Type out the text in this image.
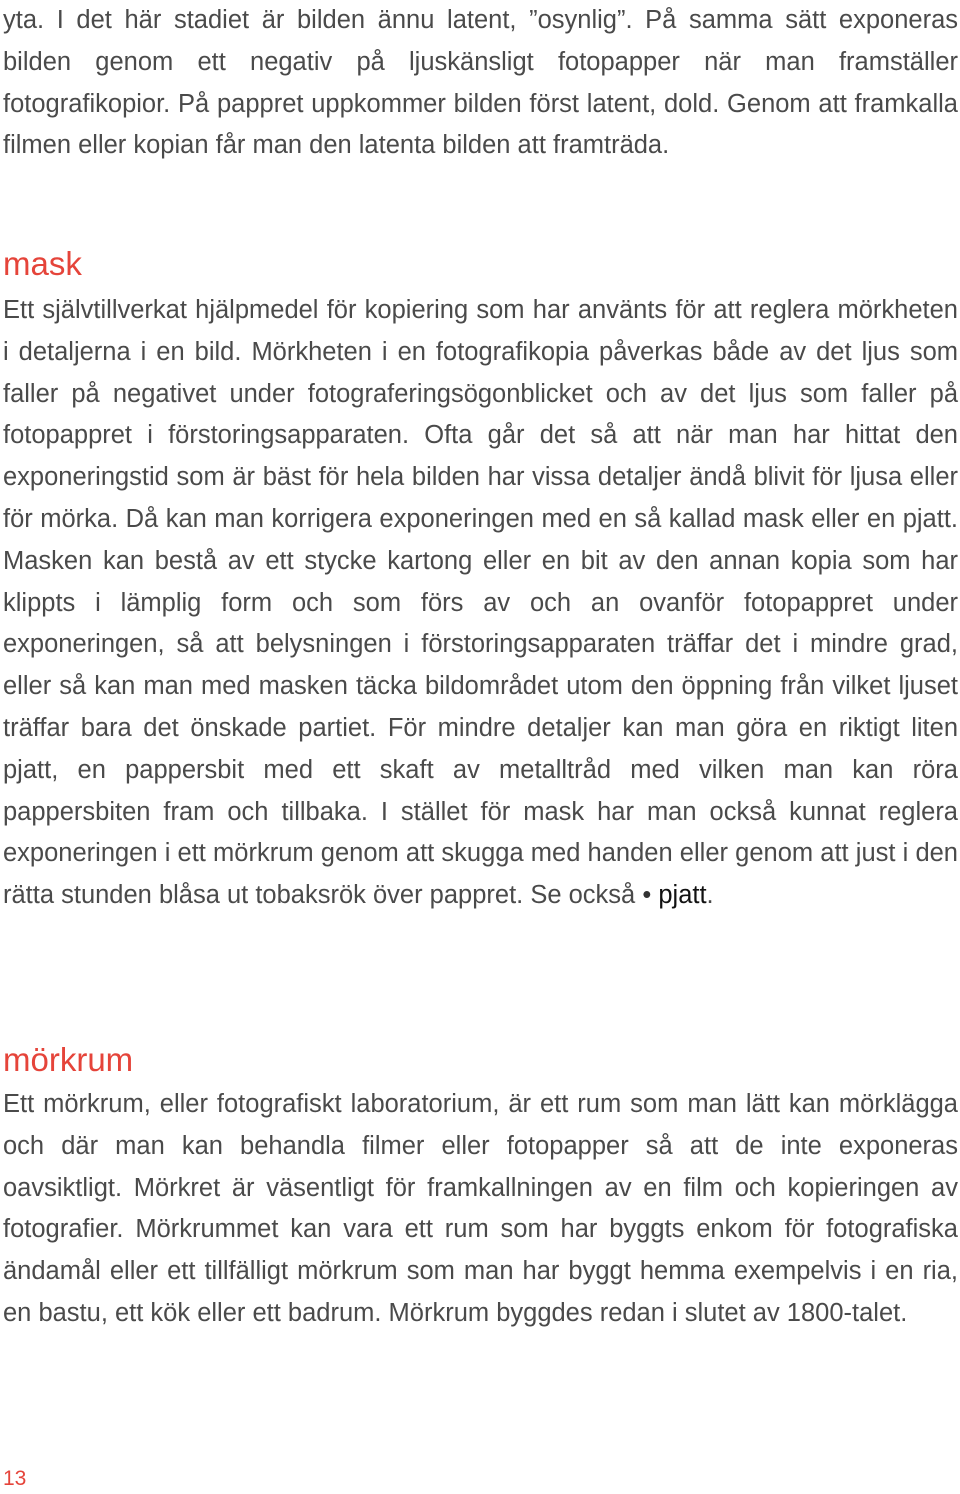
yta. I det här stadiet är bilden ännu latent, ”osynlig”. På samma sätt exponeras bilden genom ett negativ på ljuskänsligt fotopapper när man framställer fotografikopior. På pappret uppkommer bilden först latent, dold. Genom att framkalla filmen eller kopian får man den latenta bilden att framträda.

mask

Ett självtillverkat hjälpmedel för kopiering som har använts för att reglera mörkheten i detaljerna i en bild. Mörkheten i en fotografikopia påverkas både av det ljus som faller på negativet under fotograferingsögonblicket och av det ljus som faller på fotopappret i förstoringsapparaten. Ofta går det så att när man har hittat den exponeringstid som är bäst för hela bilden har vissa detaljer ändå blivit för ljusa eller för mörka. Då kan man korrigera exponeringen med en så kallad mask eller en pjatt. Masken kan bestå av ett stycke kartong eller en bit av den annan kopia som har klippts i lämplig form och som förs av och an ovanför fotopappret under exponeringen, så att belysningen i förstoringsapparaten träffar det i mindre grad, eller så kan man med masken täcka bildområdet utom den öppning från vilket ljuset träffar bara det önskade partiet. För mindre detaljer kan man göra en riktigt liten pjatt, en pappersbit med ett skaft av metalltråd med vilken man kan röra pappersbiten fram och tillbaka. I stället för mask har man också kunnat reglera exponeringen i ett mörkrum genom att skugga med handen eller genom att just i den rätta stunden blåsa ut tobaksrök över pappret. Se också • pjatt.

mörkrum

Ett mörkrum, eller fotografiskt laboratorium, är ett rum som man lätt kan mörklägga och där man kan behandla filmer eller fotopapper så att de inte exponeras oavsiktligt. Mörkret är väsentligt för framkallningen av en film och kopieringen av fotografier. Mörkrummet kan vara ett rum som har byggts enkom för fotografiska ändamål eller ett tillfälligt mörkrum som man har byggt hemma exempelvis i en ria, en bastu, ett kök eller ett badrum. Mörkrum byggdes redan i slutet av 1800-talet.

13
